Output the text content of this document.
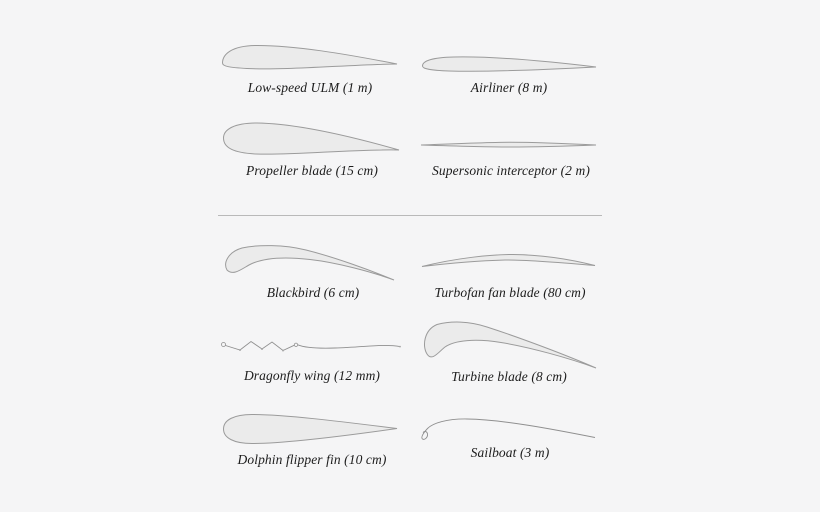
Low-speed ULM (1 m)	Airliner (8 m)
Propeller blade (15 cm)	Supersonic interceptor (2 m)
Blackbird (6 cm)	Turbofan fan blade (80 cm)
Dragonfly wing (12 mm)	Turbine blade (8 cm)
Dolphin flipper fin (10 cm)	Sailboat (3 m)
